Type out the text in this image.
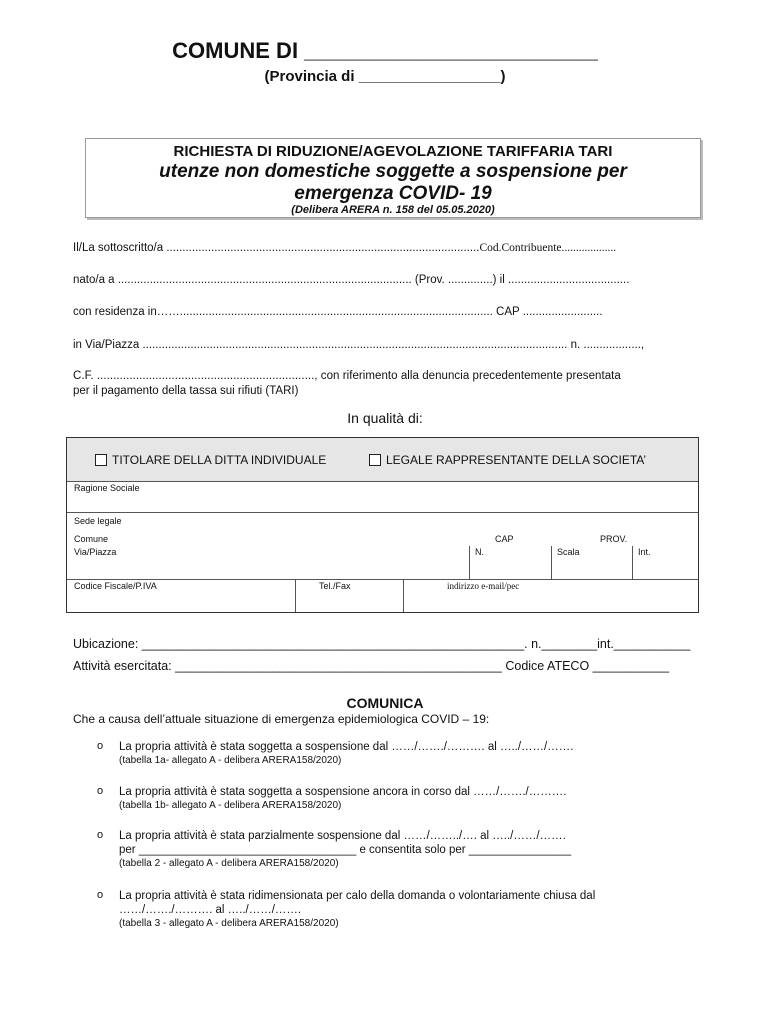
COMUNE DI ________________________
(Provincia di _________________)
RICHIESTA DI RIDUZIONE/AGEVOLAZIONE TARIFFARIA TARI
utenze non domestiche soggette a sospensione per
emergenza COVID- 19
(Delibera ARERA n. 158 del 05.05.2020)
Il/La sottoscritto/a ..................................................................................................Cod.Contribuente...................
nato/a a ............................................................................................ (Prov. ..............) il ......................................
con residenza in…….................................................................................................. CAP .........................
in Via/Piazza ..................................................................................................................................... n. ..................,
C.F. ..................................................................., con riferimento alla denuncia precedentemente presentata
per il pagamento della tassa sui rifiuti (TARI)
In qualità di:
TITOLARE DELLA DITTA INDIVIDUALE	LEGALE RAPPRESENTANTE DELLA SOCIETA’
Ragione Sociale
Sede legale
Comune	CAP	PROV.
Via/Piazza	N.	Scala	Int.
Codice Fiscale/P.IVA	Tel./Fax	indirizzo e-mail/pec
Ubicazione: _______________________________________________________. n.________int.___________
Attività esercitata: _______________________________________________ Codice ATECO ___________
COMUNICA
Che a causa dell’attuale situazione di emergenza epidemiologica COVID – 19:
o La propria attività è stata soggetta a sospensione dal ……/……./………. al …../……/…….
(tabella 1a- allegato A - delibera ARERA158/2020)
o La propria attività è stata soggetta a sospensione ancora in corso dal ……/……./……….
(tabella 1b- allegato A - delibera ARERA158/2020)
o La propria attività è stata parzialmente sospensione dal ……/……../…. al …../……/…….
per __________________________________ e consentita solo per ________________
(tabella 2 - allegato A - delibera ARERA158/2020)
o La propria attività è stata ridimensionata per calo della domanda o volontariamente chiusa dal
……/……./………. al …../……/…….
(tabella 3 - allegato A - delibera ARERA158/2020)
